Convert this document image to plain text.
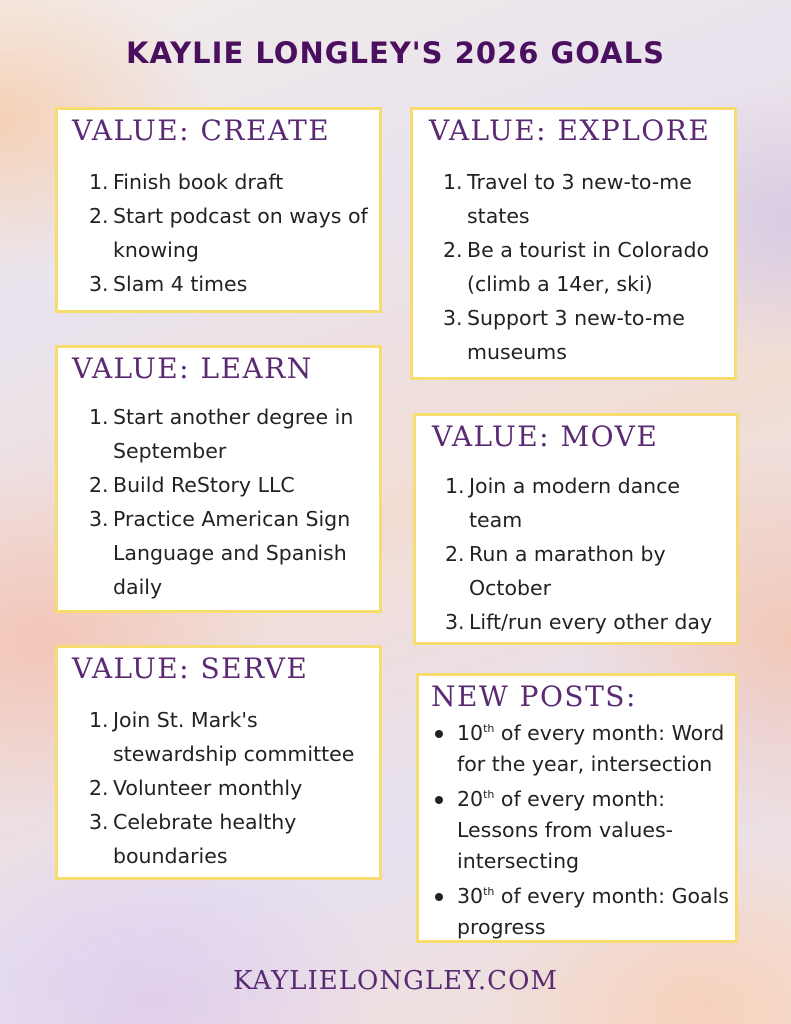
KAYLIE LONGLEY'S 2026 GOALS
VALUE: CREATE
1. Finish book draft
2. Start podcast on ways of knowing
3. Slam 4 times
VALUE: EXPLORE
1. Travel to 3 new-to-me states
2. Be a tourist in Colorado (climb a 14er, ski)
3. Support 3 new-to-me museums
VALUE: LEARN
1. Start another degree in September
2. Build ReStory LLC
3. Practice American Sign Language and Spanish daily
VALUE: MOVE
1. Join a modern dance team
2. Run a marathon by October
3. Lift/run every other day
VALUE: SERVE
1. Join St. Mark's stewardship committee
2. Volunteer monthly
3. Celebrate healthy boundaries
NEW POSTS:
10th of every month: Word for the year, intersection
20th of every month: Lessons from values-intersecting
30th of every month: Goals progress
KAYLIELONGLEY.COM
